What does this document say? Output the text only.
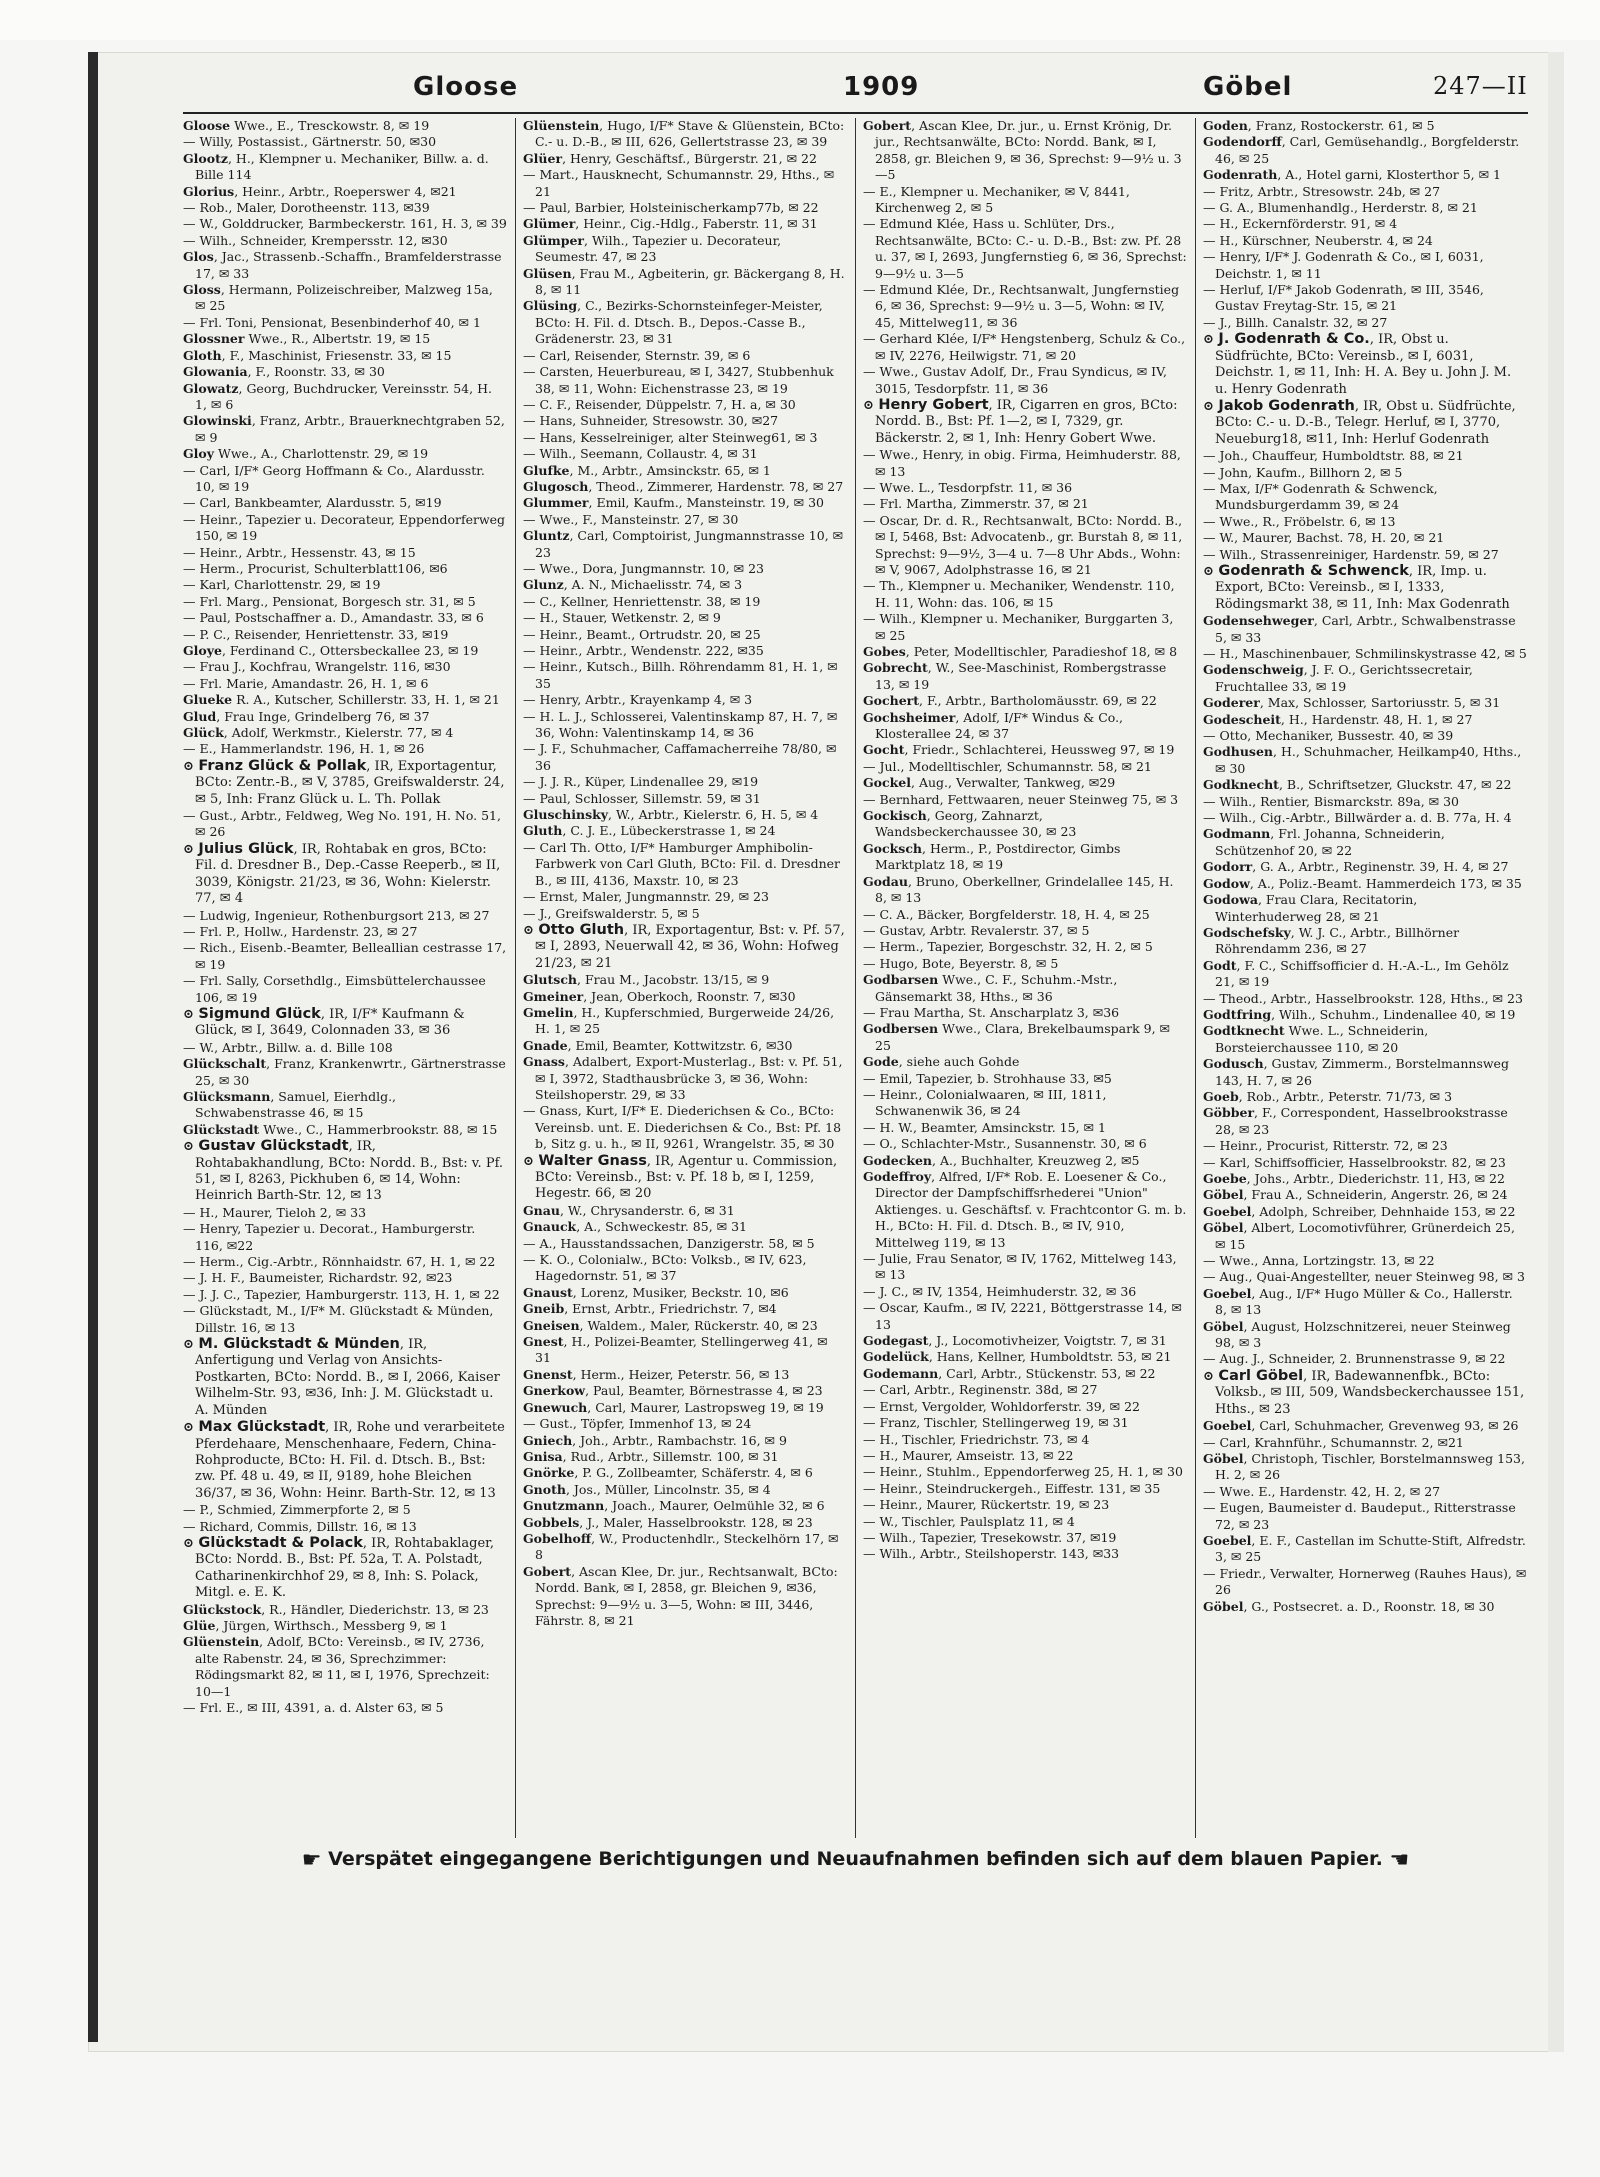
Gloose	1909	Göbel	247—II

Gloose Wwe., E., Tresckowstr. 8, ✉ 19

— Willy, Postassist., Gärtnerstr. 50, ✉30

Glootz, H., Klempner u. Mechaniker, Billw. a. d. Bille 114

Glorius, Heinr., Arbtr., Roeperswег 4, ✉21

— Rob., Maler, Dorotheenstr. 113, ✉39

— W., Golddrucker, Barmbeckerstr. 161, H. 3, ✉ 39

— Wilh., Schneider, Krempersstr. 12, ✉30

Glos, Jac., Strassenb.-Schaffn., Bramfelderstrasse 17, ✉ 33

Gloss, Hermann, Polizeischreiber, Malzweg 15a, ✉ 25

— Frl. Toni, Pensionat, Besenbinderhof 40, ✉ 1

Glossner Wwe., R., Albertstr. 19, ✉ 15

Gloth, F., Maschinist, Friesenstr. 33, ✉ 15

Glowania, F., Roonstr. 33, ✉ 30

Glowatz, Georg, Buchdrucker, Vereinsstr. 54, H. 1, ✉ 6

Glowinski, Franz, Arbtr., Brauerknechtgraben 52, ✉ 9

Gloy Wwe., A., Charlottenstr. 29, ✉ 19

— Carl, I/F* Georg Hoffmann & Co., Alardusstr. 10, ✉ 19

— Carl, Bankbeamter, Alardusstr. 5, ✉19

— Heinr., Tapezier u. Decorateur, Eppendorferweg 150, ✉ 19

— Heinr., Arbtr., Hessenstr. 43, ✉ 15

— Herm., Procurist, Schulterblatt106, ✉6

— Karl, Charlottenstr. 29, ✉ 19

— Frl. Marg., Pensionat, Borgesch str. 31, ✉ 5

— Paul, Postschaffner a. D., Amandastr. 33, ✉ 6

— P. C., Reisender, Henriettenstr. 33, ✉19

Gloye, Ferdinand C., Ottersbeckallee 23, ✉ 19

— Frau J., Kochfrau, Wrangelstr. 116, ✉30

— Frl. Marie, Amandastr. 26, H. 1, ✉ 6

Glueke R. A., Kutscher, Schillerstr. 33, H. 1, ✉ 21

Glud, Frau Inge, Grindelberg 76, ✉ 37

Glück, Adolf, Werkmstr., Kielerstr. 77, ✉ 4

— E., Hammerlandstr. 196, H. 1, ✉ 26

⊙ Franz Glück & Pollak, IR, Exportagentur, BCto: Zentr.-B., ✉ V, 3785, Greifswalderstr. 24, ✉ 5, Inh: Franz Glück u. L. Th. Pollak

— Gust., Arbtr., Feldweg, Weg No. 191, H. No. 51, ✉ 26

⊙ Julius Glück, IR, Rohtabak en gros, BCto: Fil. d. Dresdner B., Dep.-Casse Reeperb., ✉ II, 3039, Königstr. 21/23, ✉ 36, Wohn: Kielerstr. 77, ✉ 4

— Ludwig, Ingenieur, Rothenburgsort 213, ✉ 27

— Frl. P., Hollw., Hardenstr. 23, ✉ 27

— Rich., Eisenb.-Beamter, Belleallian cestrasse 17, ✉ 19

— Frl. Sally, Corsethdlg., Eimsbüttelerchaussee 106, ✉ 19

⊙ Sigmund Glück, IR, I/F* Kaufmann & Glück, ✉ I, 3649, Colonnaden 33, ✉ 36

— W., Arbtr., Billw. a. d. Bille 108

Glückschalt, Franz, Krankenwrtr., Gärtnerstrasse 25, ✉ 30

Glücksmann, Samuel, Eierhdlg., Schwabenstrasse 46, ✉ 15

Glückstadt Wwe., C., Hammerbrookstr. 88, ✉ 15

⊙ Gustav Glückstadt, IR, Rohtabakhandlung, BCto: Nordd. B., Bst: v. Pf. 51, ✉ I, 8263, Pickhuben 6, ✉ 14, Wohn: Heinrich Barth-Str. 12, ✉ 13

— H., Maurer, Tieloh 2, ✉ 33

— Henry, Tapezier u. Decorat., Hamburgerstr. 116, ✉22

— Herm., Cig.-Arbtr., Rönnhaidstr. 67, H. 1, ✉ 22

— J. H. F., Baumeister, Richardstr. 92, ✉23

— J. J. C., Tapezier, Hamburgerstr. 113, H. 1, ✉ 22

— Glückstadt, M., I/F* M. Glückstadt & Münden, Dillstr. 16, ✉ 13

⊙ M. Glückstadt & Münden, IR, Anfertigung und Verlag von Ansichts-Postkarten, BCto: Nordd. B., ✉ I, 2066, Kaiser Wilhelm-Str. 93, ✉36, Inh: J. M. Glückstadt u. A. Münden

⊙ Max Glückstadt, IR, Rohe und verarbeitete Pferdehaare, Menschenhaare, Federn, China-Rohproducte, BCto: H. Fil. d. Dtsch. B., Bst: zw. Pf. 48 u. 49, ✉ II, 9189, hohe Bleichen 36/37, ✉ 36, Wohn: Heinr. Barth-Str. 12, ✉ 13

— P., Schmied, Zimmerpforte 2, ✉ 5

— Richard, Commis, Dillstr. 16, ✉ 13

⊙ Glückstadt & Polack, IR, Rohtabaklager, BCto: Nordd. B., Bst: Pf. 52a, T. A. Polstadt, Catharinenkirchhof 29, ✉ 8, Inh: S. Polack, Mitgl. e. E. K.

Glückstock, R., Händler, Diederichstr. 13, ✉ 23

Glüe, Jürgen, Wirthsch., Messberg 9, ✉ 1

Glüenstein, Adolf, BCto: Vereinsb., ✉ IV, 2736, alte Rabenstr. 24, ✉ 36, Sprechzimmer: Rödingsmarkt 82, ✉ 11, ✉ I, 1976, Sprechzeit: 10—1

— Frl. E., ✉ III, 4391, a. d. Alster 63, ✉ 5

Glüenstein, Hugo, I/F* Stave & Glüenstein, BCto: C.- u. D.-B., ✉ III, 626, Gellertstrasse 23, ✉ 39

Glüer, Henry, Geschäftsf., Bürgerstr. 21, ✉ 22

— Mart., Hausknecht, Schumannstr. 29, Hths., ✉ 21

— Paul, Barbier, Holsteinischerkamp77b, ✉ 22

Glümer, Heinr., Cig.-Hdlg., Faberstr. 11, ✉ 31

Glümper, Wilh., Tapezier u. Decorateur, Seumestr. 47, ✉ 23

Glüsen, Frau M., Agbeiterin, gr. Bäckergang 8, H. 8, ✉ 11

Glüsing, C., Bezirks-Schornsteinfeger-Meister, BCto: H. Fil. d. Dtsch. B., Depos.-Casse B., Grädenerstr. 23, ✉ 31

— Carl, Reisender, Sternstr. 39, ✉ 6

— Carsten, Heuerbureau, ✉ I, 3427, Stubbenhuk 38, ✉ 11, Wohn: Eichenstrasse 23, ✉ 19

— C. F., Reisender, Düppelstr. 7, H. a, ✉ 30

— Hans, Suhneider, Stresowstr. 30, ✉27

— Hans, Kesselreiniger, alter Steinweg61, ✉ 3

— Wilh., Seemann, Collaustr. 4, ✉ 31

Glufke, M., Arbtr., Amsinckstr. 65, ✉ 1

Glugosch, Theod., Zimmerer, Hardenstr. 78, ✉ 27

Glummer, Emil, Kaufm., Mansteinstr. 19, ✉ 30

— Wwe., F., Mansteinstr. 27, ✉ 30

Gluntz, Carl, Comptoirist, Jungmannstrasse 10, ✉ 23

— Wwe., Dora, Jungmannstr. 10, ✉ 23

Glunz, A. N., Michaelisstr. 74, ✉ 3

— C., Kellner, Henriettenstr. 38, ✉ 19

— H., Stauer, Wetkenstr. 2, ✉ 9

— Heinr., Beamt., Ortrudstr. 20, ✉ 25

— Heinr., Arbtr., Wendenstr. 222, ✉35

— Heinr., Kutsch., Billh. Röhrendamm 81, H. 1, ✉ 35

— Henry, Arbtr., Krayenkamp 4, ✉ 3

— H. L. J., Schlosserei, Valentinskamp 87, H. 7, ✉ 36, Wohn: Valentinskamp 14, ✉ 36

— J. F., Schuhmacher, Caffamacherreihe 78/80, ✉ 36

— J. J. R., Küper, Lindenallee 29, ✉19

— Paul, Schlosser, Sillemstr. 59, ✉ 31

Gluschinsky, W., Arbtr., Kielerstr. 6, H. 5, ✉ 4

Gluth, C. J. E., Lübeckerstrasse 1, ✉ 24

— Carl Th. Otto, I/F* Hamburger Amphibolin-Farbwerk von Carl Gluth, BCto: Fil. d. Dresdner B., ✉ III, 4136, Maxstr. 10, ✉ 23

— Ernst, Maler, Jungmannstr. 29, ✉ 23

— J., Greifswalderstr. 5, ✉ 5

⊙ Otto Gluth, IR, Exportagentur, Bst: v. Pf. 57, ✉ I, 2893, Neuerwall 42, ✉ 36, Wohn: Hofweg 21/23, ✉ 21

Glutsch, Frau M., Jacobstr. 13/15, ✉ 9

Gmeiner, Jean, Oberkoch, Roonstr. 7, ✉30

Gmelin, H., Kupferschmied, Burgerweide 24/26, H. 1, ✉ 25

Gnade, Emil, Beamter, Kottwitzstr. 6, ✉30

Gnass, Adalbert, Export-Musterlag., Bst: v. Pf. 51, ✉ I, 3972, Stadthausbrücke 3, ✉ 36, Wohn: Steilshoperstr. 29, ✉ 33

— Gnass, Kurt, I/F* E. Diederichsen & Co., BCto: Vereinsb. unt. E. Diederichsen & Co., Bst: Pf. 18 b, Sitz g. u. h., ✉ II, 9261, Wrangelstr. 35, ✉ 30

⊙ Walter Gnass, IR, Agentur u. Commission, BCto: Vereinsb., Bst: v. Pf. 18 b, ✉ I, 1259, Hegestr. 66, ✉ 20

Gnau, W., Chrysanderstr. 6, ✉ 31

Gnauck, A., Schweckestr. 85, ✉ 31

— A., Hausstandssachen, Danzigerstr. 58, ✉ 5

— K. O., Colonialw., BCto: Volksb., ✉ IV, 623, Hagedornstr. 51, ✉ 37

Gnaust, Lorenz, Musiker, Beckstr. 10, ✉6

Gneib, Ernst, Arbtr., Friedrichstr. 7, ✉4

Gneisen, Waldem., Maler, Rückerstr. 40, ✉ 23

Gnest, H., Polizei-Beamter, Stellingerweg 41, ✉ 31

Gnenst, Herm., Heizer, Peterstr. 56, ✉ 13

Gnerkow, Paul, Beamter, Börnestrasse 4, ✉ 23

Gnewuch, Carl, Maurer, Lastropsweg 19, ✉ 19

— Gust., Töpfer, Immenhof 13, ✉ 24

Gniech, Joh., Arbtr., Rambachstr. 16, ✉ 9

Gnisa, Rud., Arbtr., Sillemstr. 100, ✉ 31

Gnörke, P. G., Zollbeamter, Schäferstr. 4, ✉ 6

Gnoth, Jos., Müller, Lincolnstr. 35, ✉ 4

Gnutzmann, Joach., Maurer, Oelmühle 32, ✉ 6

Gobbels, J., Maler, Hasselbrookstr. 128, ✉ 23

Gobelhoff, W., Productenhdlr., Steckelhörn 17, ✉ 8

Gobert, Ascan Klee, Dr. jur., Rechtsanwalt, BCto: Nordd. Bank, ✉ I, 2858, gr. Bleichen 9, ✉36, Sprechst: 9—9½ u. 3—5, Wohn: ✉ III, 3446, Fährstr. 8, ✉ 21

Gobert, Ascan Klee, Dr. jur., u. Ernst Krönig, Dr. jur., Rechtsanwälte, BCto: Nordd. Bank, ✉ I, 2858, gr. Bleichen 9, ✉ 36, Sprechst: 9—9½ u. 3—5

— E., Klempner u. Mechaniker, ✉ V, 8441, Kirchenweg 2, ✉ 5

— Edmund Klée, Hass u. Schlüter, Drs., Rechtsanwälte, BCto: C.- u. D.-B., Bst: zw. Pf. 28 u. 37, ✉ I, 2693, Jungfernstieg 6, ✉ 36, Sprechst: 9—9½ u. 3—5

— Edmund Klée, Dr., Rechtsanwalt, Jungfernstieg 6, ✉ 36, Sprechst: 9—9½ u. 3—5, Wohn: ✉ IV, 45, Mittelweg11, ✉ 36

— Gerhard Klée, I/F* Hengstenberg, Schulz & Co., ✉ IV, 2276, Heilwigstr. 71, ✉ 20

— Wwe., Gustav Adolf, Dr., Frau Syndicus, ✉ IV, 3015, Tesdorpfstr. 11, ✉ 36

⊙ Henry Gobert, IR, Cigarren en gros, BCto: Nordd. B., Bst: Pf. 1—2, ✉ I, 7329, gr. Bäckerstr. 2, ✉ 1, Inh: Henry Gobert Wwe.

— Wwe., Henry, in obig. Firma, Heimhuderstr. 88, ✉ 13

— Wwe. L., Tesdorpfstr. 11, ✉ 36

— Frl. Martha, Zimmerstr. 37, ✉ 21

— Oscar, Dr. d. R., Rechtsanwalt, BCto: Nordd. B., ✉ I, 5468, Bst: Advocatenb., gr. Burstah 8, ✉ 11, Sprechst: 9—9½, 3—4 u. 7—8 Uhr Abds., Wohn: ✉ V, 9067, Adolphstrasse 16, ✉ 21

— Th., Klempner u. Mechaniker, Wendenstr. 110, H. 11, Wohn: das. 106, ✉ 15

— Wilh., Klempner u. Mechaniker, Burggarten 3, ✉ 25

Gobes, Peter, Modelltischler, Paradieshof 18, ✉ 8

Gobrecht, W., See-Maschinist, Rombergstrasse 13, ✉ 19

Gochert, F., Arbtr., Bartholomäusstr. 69, ✉ 22

Gochsheimer, Adolf, I/F* Windus & Co., Klosterallee 24, ✉ 37

Gocht, Friedr., Schlachterei, Heussweg 97, ✉ 19

— Jul., Modelltischler, Schumannstr. 58, ✉ 21

Gockel, Aug., Verwalter, Tankweg, ✉29

— Bernhard, Fettwaaren, neuer Steinweg 75, ✉ 3

Gockisch, Georg, Zahnarzt, Wandsbeckerchaussee 30, ✉ 23

Gocksch, Herm., P., Postdirector, Gimbs Marktplatz 18, ✉ 19

Godau, Bruno, Oberkellner, Grindelallee 145, H. 8, ✉ 13

— C. A., Bäcker, Borgfelderstr. 18, H. 4, ✉ 25

— Gustav, Arbtr. Revalerstr. 37, ✉ 5

— Herm., Tapezier, Borgeschstr. 32, H. 2, ✉ 5

— Hugo, Bote, Beyerstr. 8, ✉ 5

Godbarsen Wwe., C. F., Schuhm.-Mstr., Gänsemarkt 38, Hths., ✉ 36

— Frau Martha, St. Anscharplatz 3, ✉36

Godbersen Wwe., Clara, Brekelbaumspark 9, ✉ 25

Gode, siehe auch Gohde

— Emil, Tapezier, b. Strohhause 33, ✉5

— Heinr., Colonialwaaren, ✉ III, 1811, Schwanenwik 36, ✉ 24

— H. W., Beamter, Amsinckstr. 15, ✉ 1

— O., Schlachter-Mstr., Susannenstr. 30, ✉ 6

Godecken, A., Buchhalter, Kreuzweg 2, ✉5

Godeffroy, Alfred, I/F* Rob. E. Loesener & Co., Director der Dampfschiffsrhederei "Union" Aktienges. u. Geschäftsf. v. Frachtcontor G. m. b. H., BCto: H. Fil. d. Dtsch. B., ✉ IV, 910, Mittelweg 119, ✉ 13

— Julie, Frau Senator, ✉ IV, 1762, Mittelweg 143, ✉ 13

— J. C., ✉ IV, 1354, Heimhuderstr. 32, ✉ 36

— Oscar, Kaufm., ✉ IV, 2221, Böttgerstrasse 14, ✉ 13

Godegast, J., Locomotivheizer, Voigtstr. 7, ✉ 31

Godelück, Hans, Kellner, Humboldtstr. 53, ✉ 21

Godemann, Carl, Arbtr., Stückenstr. 53, ✉ 22

— Carl, Arbtr., Reginenstr. 38d, ✉ 27

— Ernst, Vergolder, Wohldorferstr. 39, ✉ 22

— Franz, Tischler, Stellingerweg 19, ✉ 31

— H., Tischler, Friedrichstr. 73, ✉ 4

— H., Maurer, Amseistr. 13, ✉ 22

— Heinr., Stuhlm., Eppendorferweg 25, H. 1, ✉ 30

— Heinr., Steindruckergeh., Eiffestr. 131, ✉ 35

— Heinr., Maurer, Rückertstr. 19, ✉ 23

— W., Tischler, Paulsplatz 11, ✉ 4

— Wilh., Tapezier, Tresekowstr. 37, ✉19

— Wilh., Arbtr., Steilshoperstr. 143, ✉33

Goden, Franz, Rostockerstr. 61, ✉ 5

Godendorff, Carl, Gemüsehandlg., Borgfelderstr. 46, ✉ 25

Godenrath, A., Hotel garni, Klosterthor 5, ✉ 1

— Fritz, Arbtr., Stresowstr. 24b, ✉ 27

— G. A., Blumenhandlg., Herderstr. 8, ✉ 21

— H., Eckernförderstr. 91, ✉ 4

— H., Kürschner, Neuberstr. 4, ✉ 24

— Henry, I/F* J. Godenrath & Co., ✉ I, 6031, Deichstr. 1, ✉ 11

— Herluf, I/F* Jakob Godenrath, ✉ III, 3546, Gustav Freytag-Str. 15, ✉ 21

— J., Billh. Canalstr. 32, ✉ 27

⊙ J. Godenrath & Co., IR, Obst u. Südfrüchte, BCto: Vereinsb., ✉ I, 6031, Deichstr. 1, ✉ 11, Inh: H. A. Bey u. John J. M. u. Henry Godenrath

⊙ Jakob Godenrath, IR, Obst u. Südfrüchte, BCto: C.- u. D.-B., Telegr. Herluf, ✉ I, 3770, Neueburg18, ✉11, Inh: Herluf Godenrath

— Joh., Chauffeur, Humboldtstr. 88, ✉ 21

— John, Kaufm., Billhorn 2, ✉ 5

— Max, I/F* Godenrath & Schwenck, Mundsburgerdamm 39, ✉ 24

— Wwe., R., Fröbelstr. 6, ✉ 13

— W., Maurer, Bachst. 78, H. 20, ✉ 21

— Wilh., Strassenreiniger, Hardenstr. 59, ✉ 27

⊙ Godenrath & Schwenck, IR, Imp. u. Export, BCto: Vereinsb., ✉ I, 1333, Rödingsmarkt 38, ✉ 11, Inh: Max Godenrath

Godensehweger, Carl, Arbtr., Schwalbenstrasse 5, ✉ 33

— H., Maschinenbauer, Schmilinskystrasse 42, ✉ 5

Godenschweig, J. F. O., Gerichtssecretair, Fruchtallee 33, ✉ 19

Goderer, Max, Schlosser, Sartoriusstr. 5, ✉ 31

Godescheit, H., Hardenstr. 48, H. 1, ✉ 27

— Otto, Mechaniker, Bussestr. 40, ✉ 39

Godhusen, H., Schuhmacher, Heilkamp40, Hths., ✉ 30

Godknecht, B., Schriftsetzer, Gluckstr. 47, ✉ 22

— Wilh., Rentier, Bismarckstr. 89a, ✉ 30

— Wilh., Cig.-Arbtr., Billwärder a. d. B. 77a, H. 4

Godmann, Frl. Johanna, Schneiderin, Schützenhof 20, ✉ 22

Godorr, G. A., Arbtr., Reginenstr. 39, H. 4, ✉ 27

Godow, A., Poliz.-Beamt. Hammerdeich 173, ✉ 35

Godowa, Frau Clara, Recitatorin, Winterhuderweg 28, ✉ 21

Godschefsky, W. J. C., Arbtr., Billhörner Röhrendamm 236, ✉ 27

Godt, F. C., Schiffsofficier d. H.-A.-L., Im Gehölz 21, ✉ 19

— Theod., Arbtr., Hasselbrookstr. 128, Hths., ✉ 23

Godtfring, Wilh., Schuhm., Lindenallee 40, ✉ 19

Godtknecht Wwe. L., Schneiderin, Borsteierchaussee 110, ✉ 20

Godusch, Gustav, Zimmerm., Borstelmannsweg 143, H. 7, ✉ 26

Goeb, Rob., Arbtr., Peterstr. 71/73, ✉ 3

Göbber, F., Correspondent, Hasselbrookstrasse 28, ✉ 23

— Heinr., Procurist, Ritterstr. 72, ✉ 23

— Karl, Schiffsofficier, Hasselbrookstr. 82, ✉ 23

Goebe, Johs., Arbtr., Diederichstr. 11, H3, ✉ 22

Göbel, Frau A., Schneiderin, Angerstr. 26, ✉ 24

Goebel, Adolph, Schreiber, Dehnhaide 153, ✉ 22

Göbel, Albert, Locomotivführer, Grünerdeich 25, ✉ 15

— Wwe., Anna, Lortzingstr. 13, ✉ 22

— Aug., Quai-Angestellter, neuer Steinweg 98, ✉ 3

Goebel, Aug., I/F* Hugo Müller & Co., Hallerstr. 8, ✉ 13

Göbel, August, Holzschnitzerei, neuer Steinweg 98, ✉ 3

— Aug. J., Schneider, 2. Brunnenstrasse 9, ✉ 22

⊙ Carl Göbel, IR, Badewannenfbk., BCto: Volksb., ✉ III, 509, Wandsbeckerchaussee 151, Hths., ✉ 23

Goebel, Carl, Schuhmacher, Grevenweg 93, ✉ 26

— Carl, Krahnführ., Schumannstr. 2, ✉21

Göbel, Christoph, Tischler, Borstelmannsweg 153, H. 2, ✉ 26

— Wwe. E., Hardenstr. 42, H. 2, ✉ 27

— Eugen, Baumeister d. Baudeput., Ritterstrasse 72, ✉ 23

Goebel, E. F., Castellan im Schutte-Stift, Alfredstr. 3, ✉ 25

— Friedr., Verwalter, Hornerweg (Rauhes Haus), ✉ 26

Göbel, G., Postsecret. a. D., Roonstr. 18, ✉ 30

☛ Verspätet eingegangene Berichtigungen und Neuaufnahmen befinden sich auf dem blauen Papier. ☚
